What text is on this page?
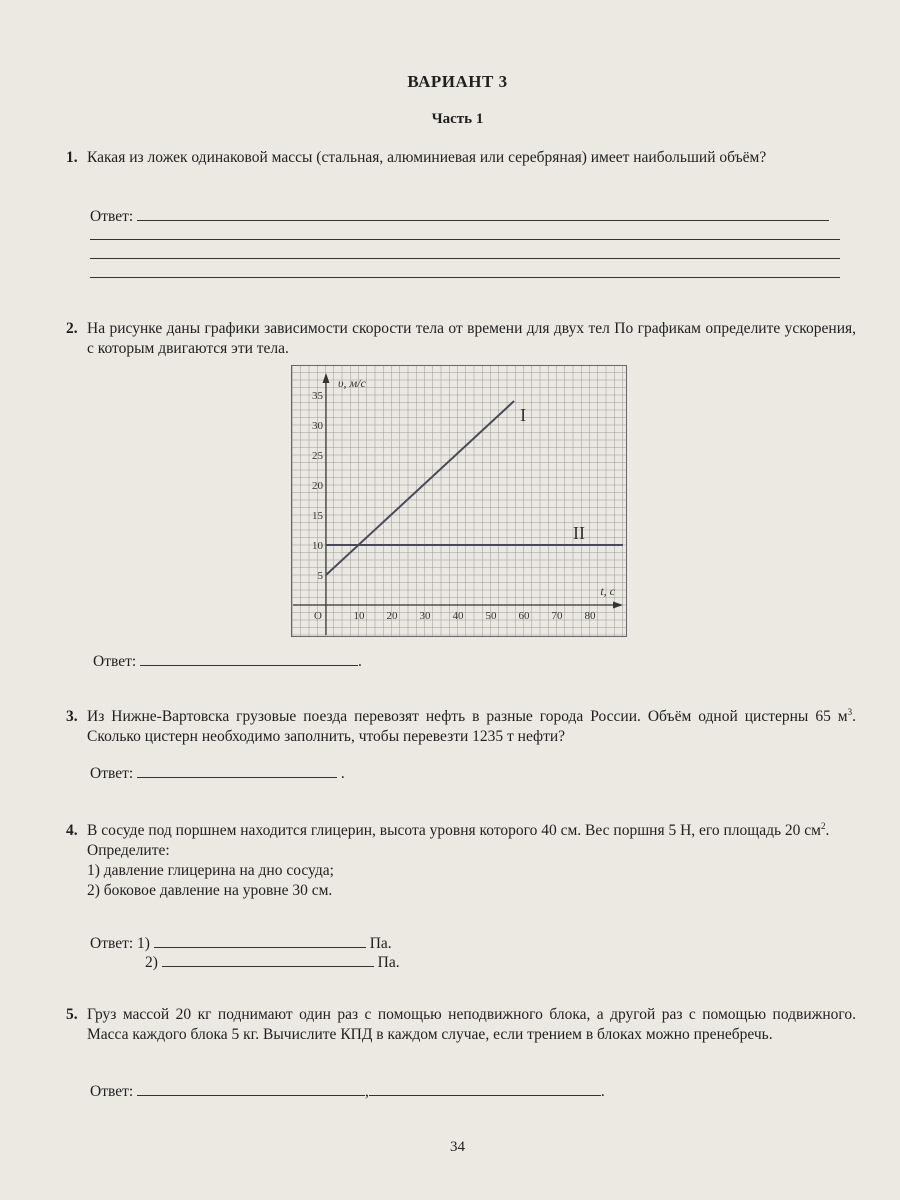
ВАРИАНТ 3
Часть 1
1. Какая из ложек одинаковой массы (стальная, алюминиевая или серебряная) имеет наибольший объём?
Ответ:
2. На рисунке даны графики зависимости скорости тела от времени для двух тел По графикам определите ускорения, с которым двигаются эти тела.
5
10
15
20
25
30
35
10 20 30 40 50 60 70 80
O
υ, м/с
t, с
I
II
Ответ:	.
3. Из Нижне-Вартовска грузовые поезда перевозят нефть в разные города России. Объём одной цистерны 65 $м^3$. Сколько цистерн необходимо заполнить, чтобы перевезти 1235 т нефти?
Ответ:	.
4. В сосуде под поршнем находится глицерин, высота уровня которого 40 см. Вес поршня 5 Н, его площадь 20 $см^2$.
Определите:
1) давление глицерина на дно сосуда;
2) боковое давление на уровне 30 см.
Ответ: 1)	Па.
2)	Па.
5. Груз массой 20 кг поднимают один раз с помощью неподвижного блока, а другой раз с помощью подвижного. Масса каждого блока 5 кг. Вычислите КПД в каждом случае, если трением в блоках можно пренебречь.
Ответ:	,	.
34
